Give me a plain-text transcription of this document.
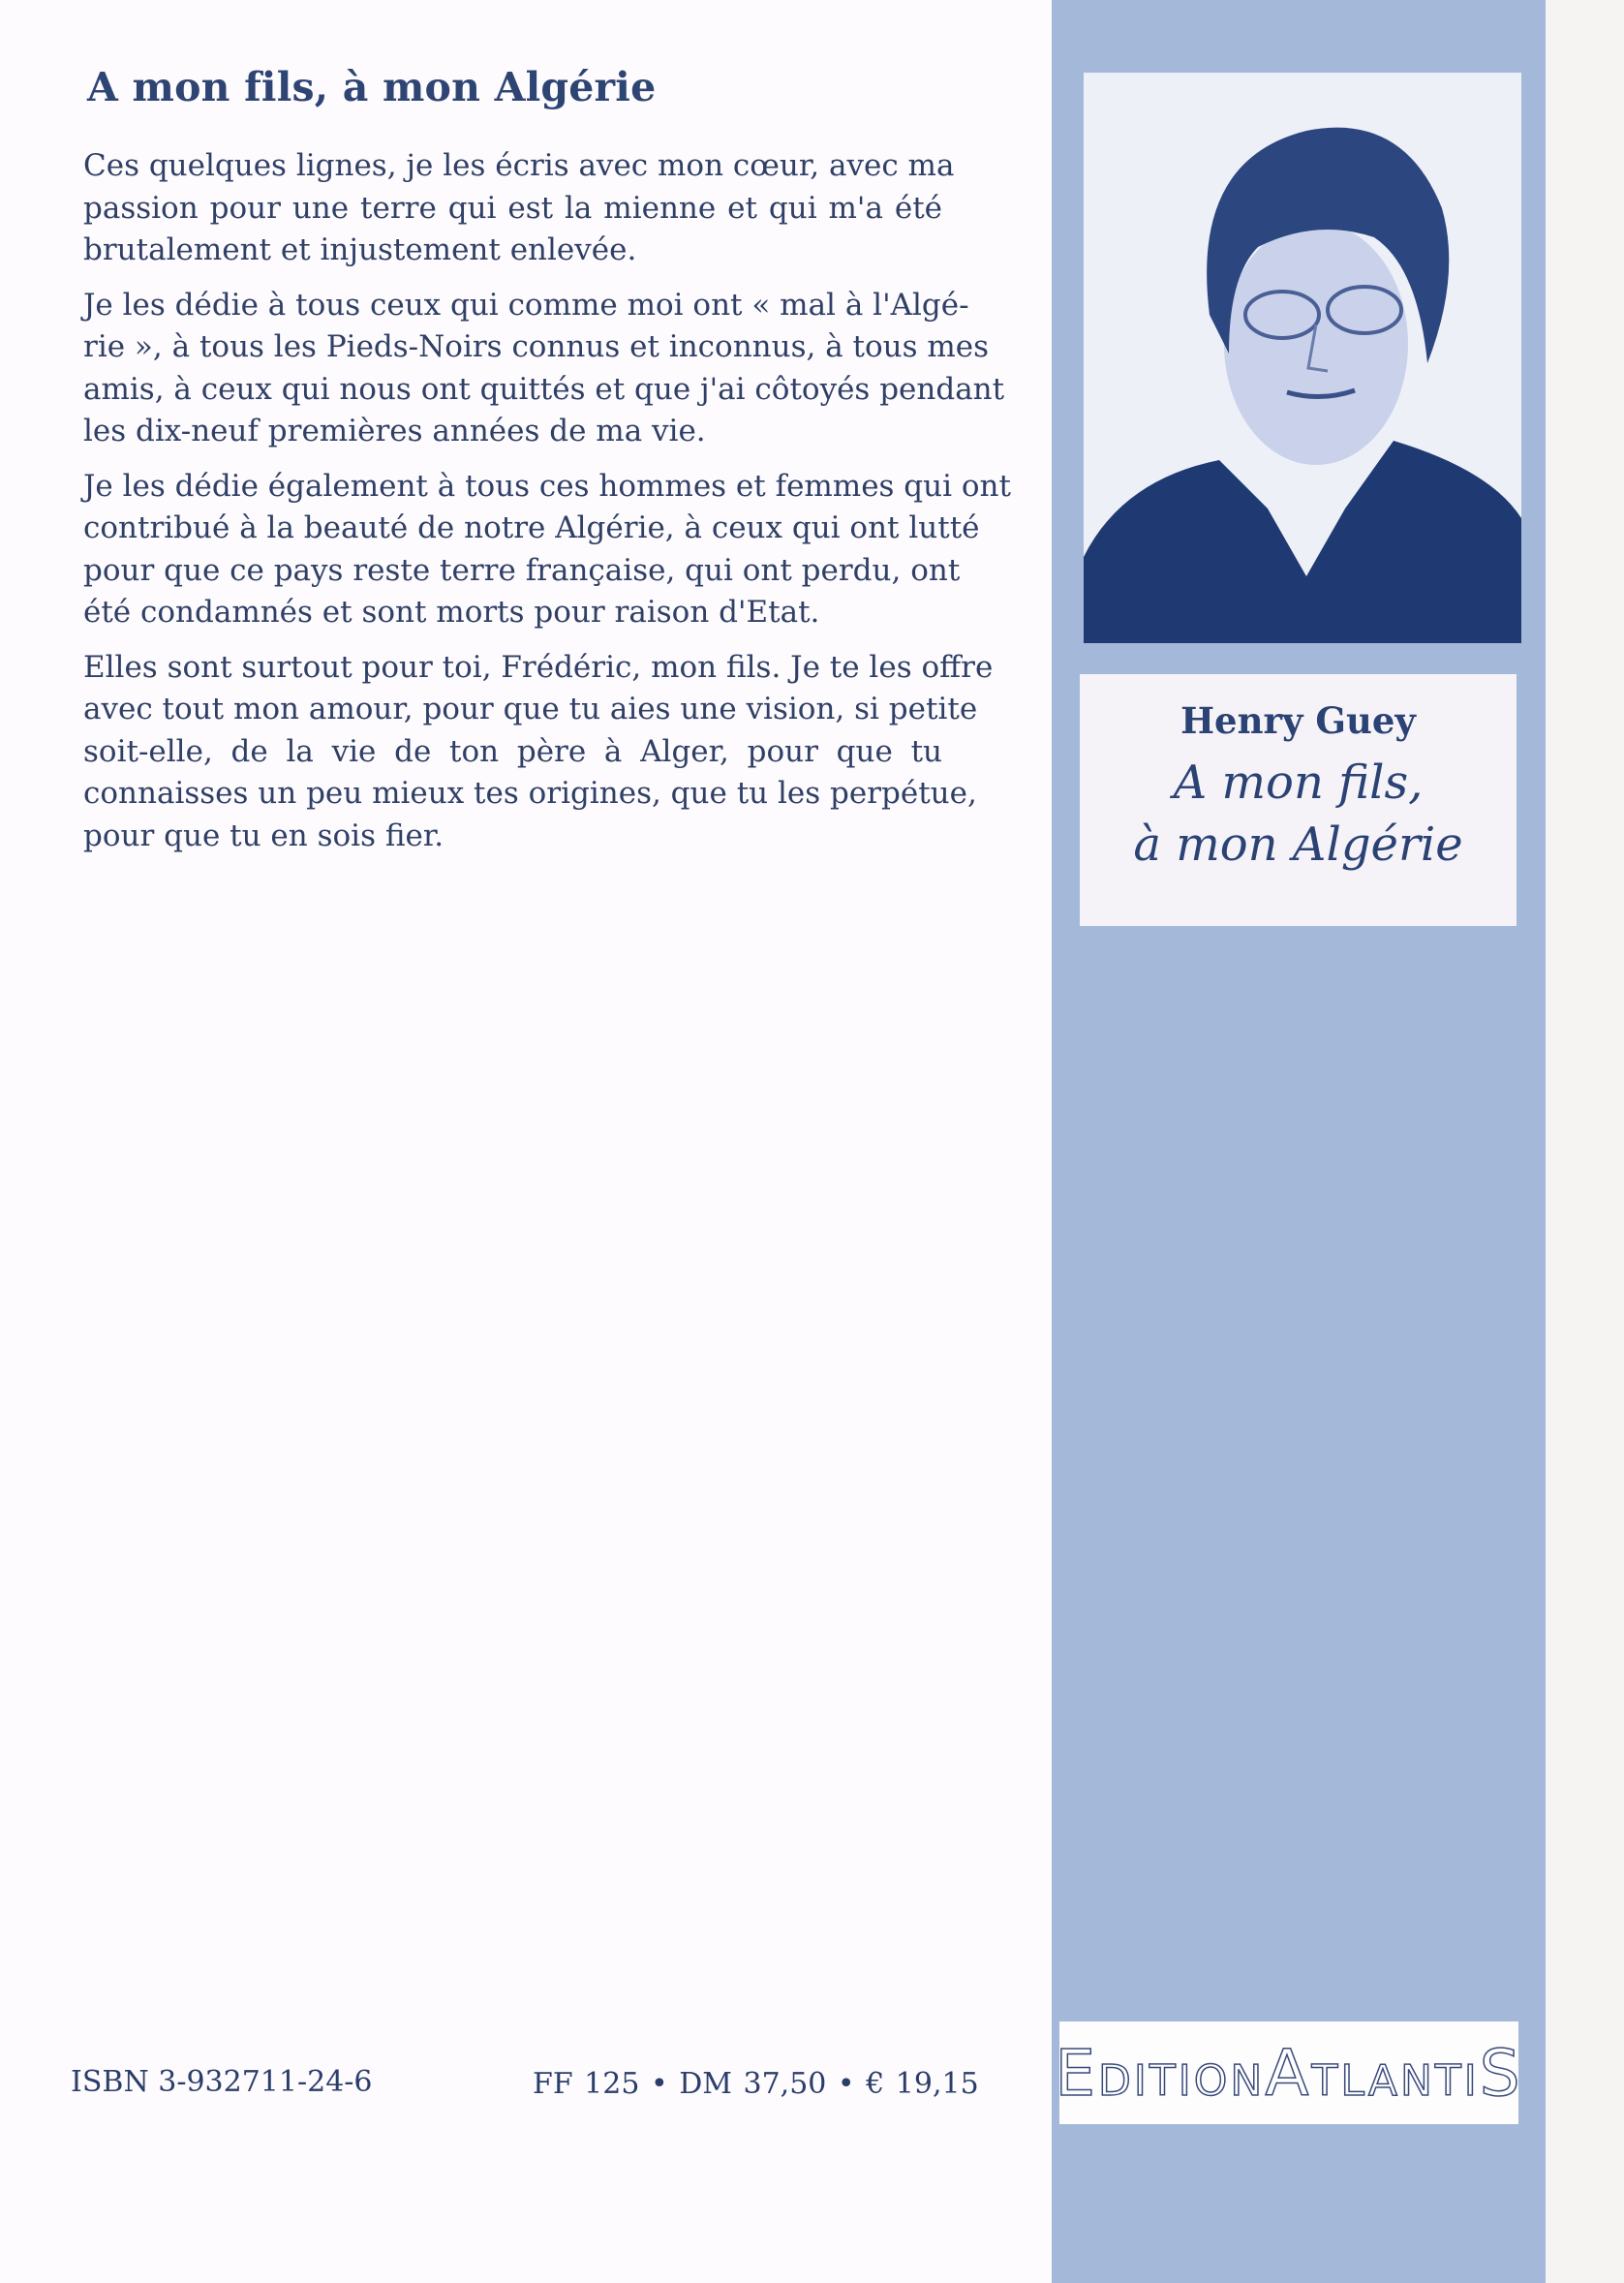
A mon fils, à mon Algérie
Ces quelques lignes, je les écris avec mon cœur, avec ma
passion pour une terre qui est la mienne et qui m'a été
brutalement et injustement enlevée.
Je les dédie à tous ceux qui comme moi ont « mal à l'Algé-
rie », à tous les Pieds-Noirs connus et inconnus, à tous mes
amis, à ceux qui nous ont quittés et que j'ai côtoyés pendant
les dix-neuf premières années de ma vie.
Je les dédie également à tous ces hommes et femmes qui ont
contribué à la beauté de notre Algérie, à ceux qui ont lutté
pour que ce pays reste terre française, qui ont perdu, ont
été condamnés et sont morts pour raison d'Etat.
Elles sont surtout pour toi, Frédéric, mon fils. Je te les offre
avec tout mon amour, pour que tu aies une vision, si petite
soit-elle, de la vie de ton père à Alger, pour que tu
connaisses un peu mieux tes origines, que tu les perpétue,
pour que tu en sois fier.
Henry Guey
A mon fils,
à mon Algérie
EDITIONATLANTIS
ISBN 3-932711-24-6	FF 125 • DM 37,50 • € 19,15
